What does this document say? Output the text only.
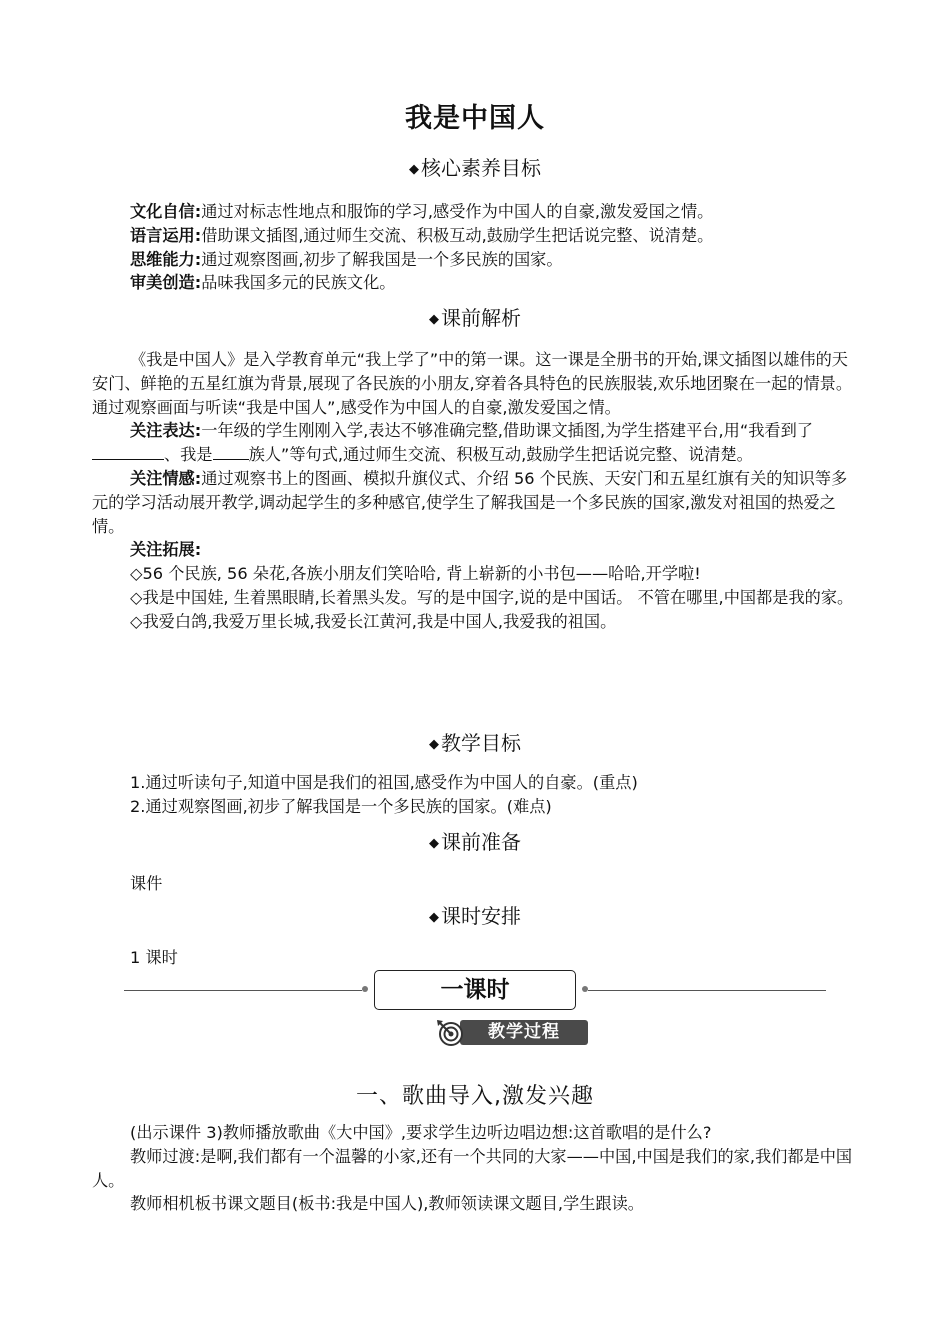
我是中国人
◆ 核心素养目标

文化自信:通过对标志性地点和服饰的学习,感受作为中国人的自豪,激发爱国之情。

语言运用:借助课文插图,通过师生交流、积极互动,鼓励学生把话说完整、说清楚。

思维能力:通过观察图画,初步了解我国是一个多民族的国家。

审美创造:品味我国多元的民族文化。

◆ 课前解析

《我是中国人》是入学教育单元“我上学了”中的第一课。这一课是全册书的开始,课文插图以雄伟的天安门、鲜艳的五星红旗为背景,展现了各民族的小朋友,穿着各具特色的民族服装,欢乐地团聚在一起的情景。通过观察画面与听读“我是中国人”,感受作为中国人的自豪,激发爱国之情。

关注表达:一年级的学生刚刚入学,表达不够准确完整,借助课文插图,为学生搭建平台,用“我看到了、我是 族人”等句式,通过师生交流、积极互动,鼓励学生把话说完整、说清楚。

关注情感:通过观察书上的图画、模拟升旗仪式、介绍 56 个民族、天安门和五星红旗有关的知识等多元的学习活动展开教学,调动起学生的多种感官,使学生了解我国是一个多民族的国家,激发对祖国的热爱之情。

关注拓展:

◇56 个民族, 56 朵花,各族小朋友们笑哈哈, 背上崭新的小书包——哈哈,开学啦!

◇我是中国娃, 生着黑眼睛,长着黑头发。写的是中国字,说的是中国话。 不管在哪里,中国都是我的家。

◇我爱白鸽,我爱万里长城,我爱长江黄河,我是中国人,我爱我的祖国。

◆ 教学目标

1.通过听读句子,知道中国是我们的祖国,感受作为中国人的自豪。(重点)

2.通过观察图画,初步了解我国是一个多民族的国家。(难点)

◆ 课前准备

课件

◆ 课时安排

1 课时

一课时
教学过程
一、歌曲导入,激发兴趣

(出示课件 3)教师播放歌曲《大中国》,要求学生边听边唱边想:这首歌唱的是什么?

教师过渡:是啊,我们都有一个温馨的小家,还有一个共同的大家——中国,中国是我们的家,我们都是中国人。

教师相机板书课文题目(板书:我是中国人),教师领读课文题目,学生跟读。
